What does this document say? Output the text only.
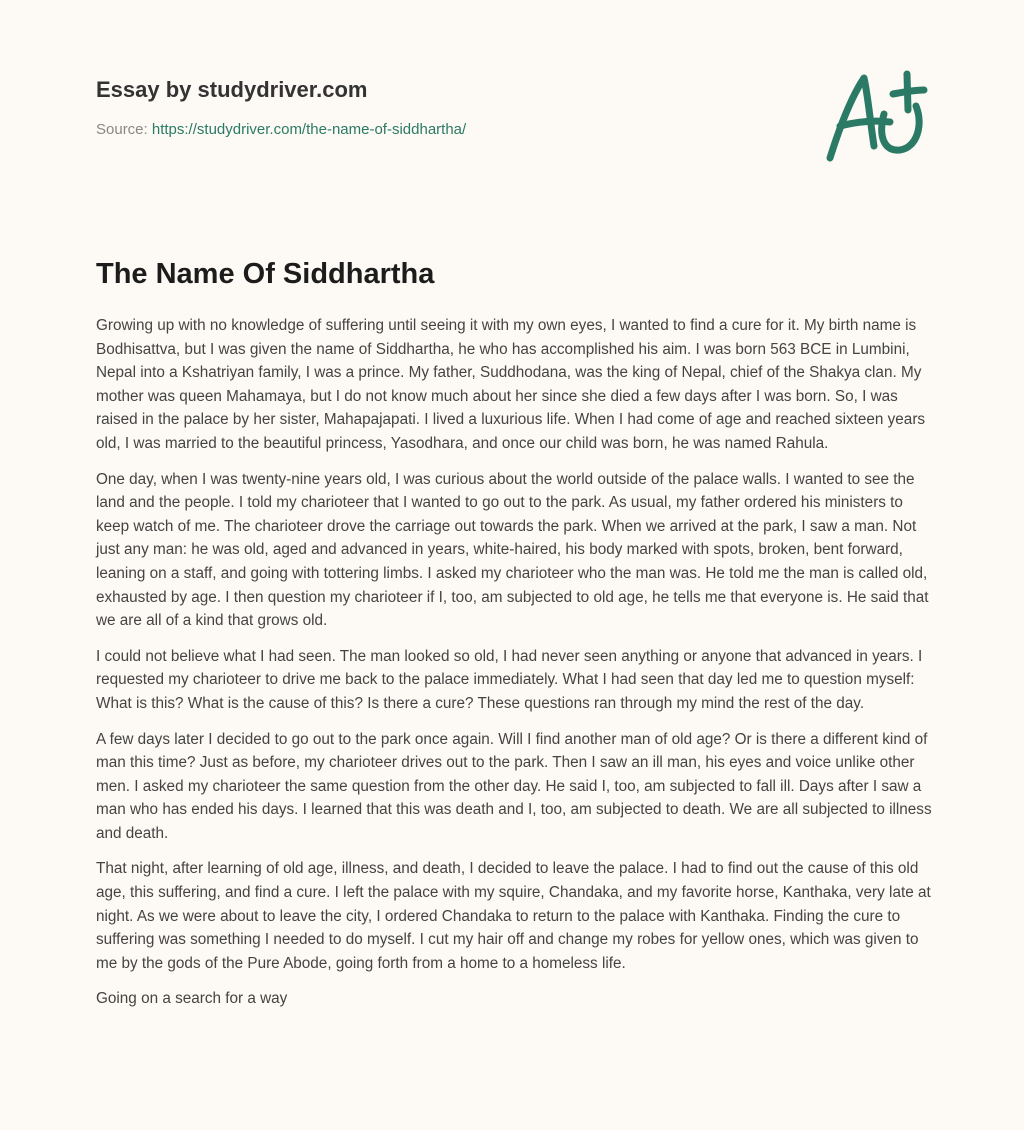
Essay by studydriver.com
Source: https://studydriver.com/the-name-of-siddhartha/
The Name Of Siddhartha

Growing up with no knowledge of suffering until seeing it with my own eyes, I wanted to find a cure for it. My birth name is Bodhisattva, but I was given the name of Siddhartha, he who has accomplished his aim. I was born 563 BCE in Lumbini, Nepal into a Kshatriyan family, I was a prince. My father, Suddhodana, was the king of Nepal, chief of the Shakya clan. My mother was queen Mahamaya, but I do not know much about her since she died a few days after I was born. So, I was raised in the palace by her sister, Mahapajapati. I lived a luxurious life. When I had come of age and reached sixteen years old, I was married to the beautiful princess, Yasodhara, and once our child was born, he was named Rahula.

One day, when I was twenty-nine years old, I was curious about the world outside of the palace walls. I wanted to see the land and the people. I told my charioteer that I wanted to go out to the park. As usual, my father ordered his ministers to keep watch of me. The charioteer drove the carriage out towards the park. When we arrived at the park, I saw a man. Not just any man: he was old, aged and advanced in years, white-haired, his body marked with spots, broken, bent forward, leaning on a staff, and going with tottering limbs. I asked my charioteer who the man was. He told me the man is called old, exhausted by age. I then question my charioteer if I, too, am subjected to old age, he tells me that everyone is. He said that we are all of a kind that grows old.

I could not believe what I had seen. The man looked so old, I had never seen anything or anyone that advanced in years. I requested my charioteer to drive me back to the palace immediately. What I had seen that day led me to question myself: What is this? What is the cause of this? Is there a cure? These questions ran through my mind the rest of the day.

A few days later I decided to go out to the park once again. Will I find another man of old age? Or is there a different kind of man this time? Just as before, my charioteer drives out to the park. Then I saw an ill man, his eyes and voice unlike other men. I asked my charioteer the same question from the other day. He said I, too, am subjected to fall ill. Days after I saw a man who has ended his days. I learned that this was death and I, too, am subjected to death. We are all subjected to illness and death.

That night, after learning of old age, illness, and death, I decided to leave the palace. I had to find out the cause of this old age, this suffering, and find a cure. I left the palace with my squire, Chandaka, and my favorite horse, Kanthaka, very late at night. As we were about to leave the city, I ordered Chandaka to return to the palace with Kanthaka. Finding the cure to suffering was something I needed to do myself. I cut my hair off and change my robes for yellow ones, which was given to me by the gods of the Pure Abode, going forth from a home to a homeless life.

Going on a search for a way
